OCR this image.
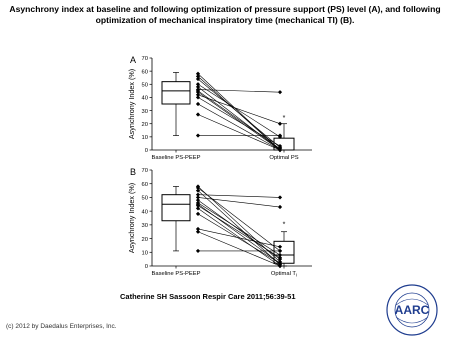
Asynchrony index at baseline and following optimization of pressure support (PS) level (A), and following optimization of mechanical inspiratory time (mechanical TI) (B).
0
10
20
30
40
50
60
70
Baseline PS-PEEP	Optimal PS
Asynchrony Index (%)
A
*
0
10
20
30
40
50
60
70
Baseline PS-PEEP	Optimal $T_I$
Asynchrony Index (%)
B
*
Catherine SH Sassoon Respir Care 2011;56:39-51
(c) 2012 by Daedalus Enterprises, Inc.
AARC
